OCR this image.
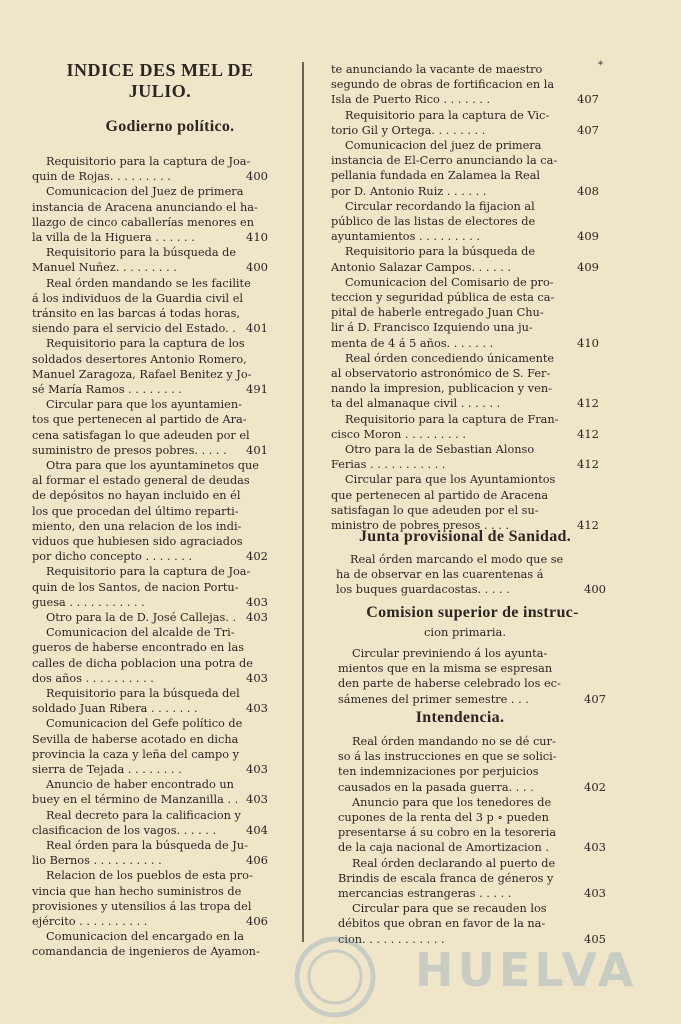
INDICE DES MEL DE
JULIO.
Godierno político.
*
Requisitorio para la captura de Joa-
quin de Rojas. . . . . . . . .	400
Comunicacion del Juez de primera
instancia de Aracena anunciando el ha-
llazgo de cinco caballerías menores en
la villa de la Higuera . . . . . .	410
Requisitorio para la búsqueda de
Manuel Nuñez. . . . . . . . .	400
Real órden mandando se les facilite
á los individuos de la Guardia civil el
tránsito en las barcas á todas horas,
siendo para el servicio del Estado. . 401
Requisitorio para la captura de los
soldados desertores Antonio Romero,
Manuel Zaragoza, Rafael Benitez y Jo-
sé María Ramos . . . . . . . .	491
Circular para que los ayuntamien-
tos que pertenecen al partido de Ara-
cena satisfagan lo que adeuden por el
suministro de presos pobres. . . . .	401
Otra para que los ayuntaminetos que
al formar el estado general de deudas
de depósitos no hayan incluido en él
los que procedan del último reparti-
miento, den una relacion de los indi-
viduos que hubiesen sido agraciados
por dicho concepto . . . . . . .	402
Requisitorio para la captura de Joa-
quin de los Santos, de nacion Portu-
guesa . . . . . . . . . . .	403
Otro para la de D. José Callejas. . 403
Comunicacion del alcalde de Tri-
gueros de haberse encontrado en las
calles de dicha poblacion una potra de
dos años . . . . . . . . . .	403
Requisitorio para la búsqueda del
soldado Juan Ribera . . . . . . .	403
Comunicacion del Gefe político de
Sevilla de haberse acotado en dicha
provincia la caza y leña del campo y
sierra de Tejada . . . . . . . .	403
Anuncio de haber encontrado un
buey en el término de Manzanilla . . 403
Real decreto para la calificacion y
clasificacion de los vagos. . . . . .	404
Real órden para la búsqueda de Ju-
lio Bernos . . . . . . . . . .	406
Relacion de los pueblos de esta pro-
vincia que han hecho suministros de
provisiones y utensilios á las tropa del
ejército . . . . . . . . . .	406
Comunicacion del encargado en la
comandancia de ingenieros de Ayamon-
te anunciando la vacante de maestro
segundo de obras de fortificacion en la
Isla de Puerto Rico . . . . . . .	407
Requisitorio para la captura de Vic-
torio Gil y Ortega. . . . . . . .	407
Comunicacion del juez de primera
instancia de El-Cerro anunciando la ca-
pellania fundada en Zalamea la Real
por D. Antonio Ruiz . . . . . .	408
Circular recordando la fijacion al
público de las listas de electores de
ayuntamientos . . . . . . . . .	409
Requisitorio para la búsqueda de
Antonio Salazar Campos. . . . . .	409
Comunicacion del Comisario de pro-
teccion y seguridad pública de esta ca-
pital de haberle entregado Juan Chu-
lir á D. Francisco Izquiendo una ju-
menta de 4 á 5 años. . . . . . .	410
Real órden concediendo únicamente
al observatorio astronómico de S. Fer-
nando la impresion, publicacion y ven-
ta del almanaque civil . . . . . .	412
Requisitorio para la captura de Fran-
cisco Moron . . . . . . . . .	412
Otro para la de Sebastian Alonso
Ferias . . . . . . . . . . .	412
Circular para que los Ayuntamiontos
que pertenecen al partido de Aracena
satisfagan lo que adeuden por el su-
ministro de pobres presos . . . .	412
Real órden marcando el modo que se
ha de observar en las cuarentenas á
los buques guardacostas. . . . .	400
Circular previniendo á los ayunta-
mientos que en la misma se espresan
den parte de haberse celebrado los ec-
sámenes del primer semestre . . .	407
Real órden mandando no se dé cur-
so á las instrucciones en que se solici-
ten indemnizaciones por perjuicios
causados en la pasada guerra. . . .	402
Anuncio para que los tenedores de
cupones de la renta del 3 p ∘ pueden
presentarse á su cobro en la tesoreria
de la caja nacional de Amortizacion .	403
Real órden declarando al puerto de
Brindis de escala franca de géneros y
mercancias estrangeras . . . . .	403
Circular para que se recauden los
débitos que obran en favor de la na-
cion. . . . . . . . . . . .	405
Junta provisional de Sanidad.
Comision superior de instruc-
cion primaria.
Intendencia.
HUELVA
